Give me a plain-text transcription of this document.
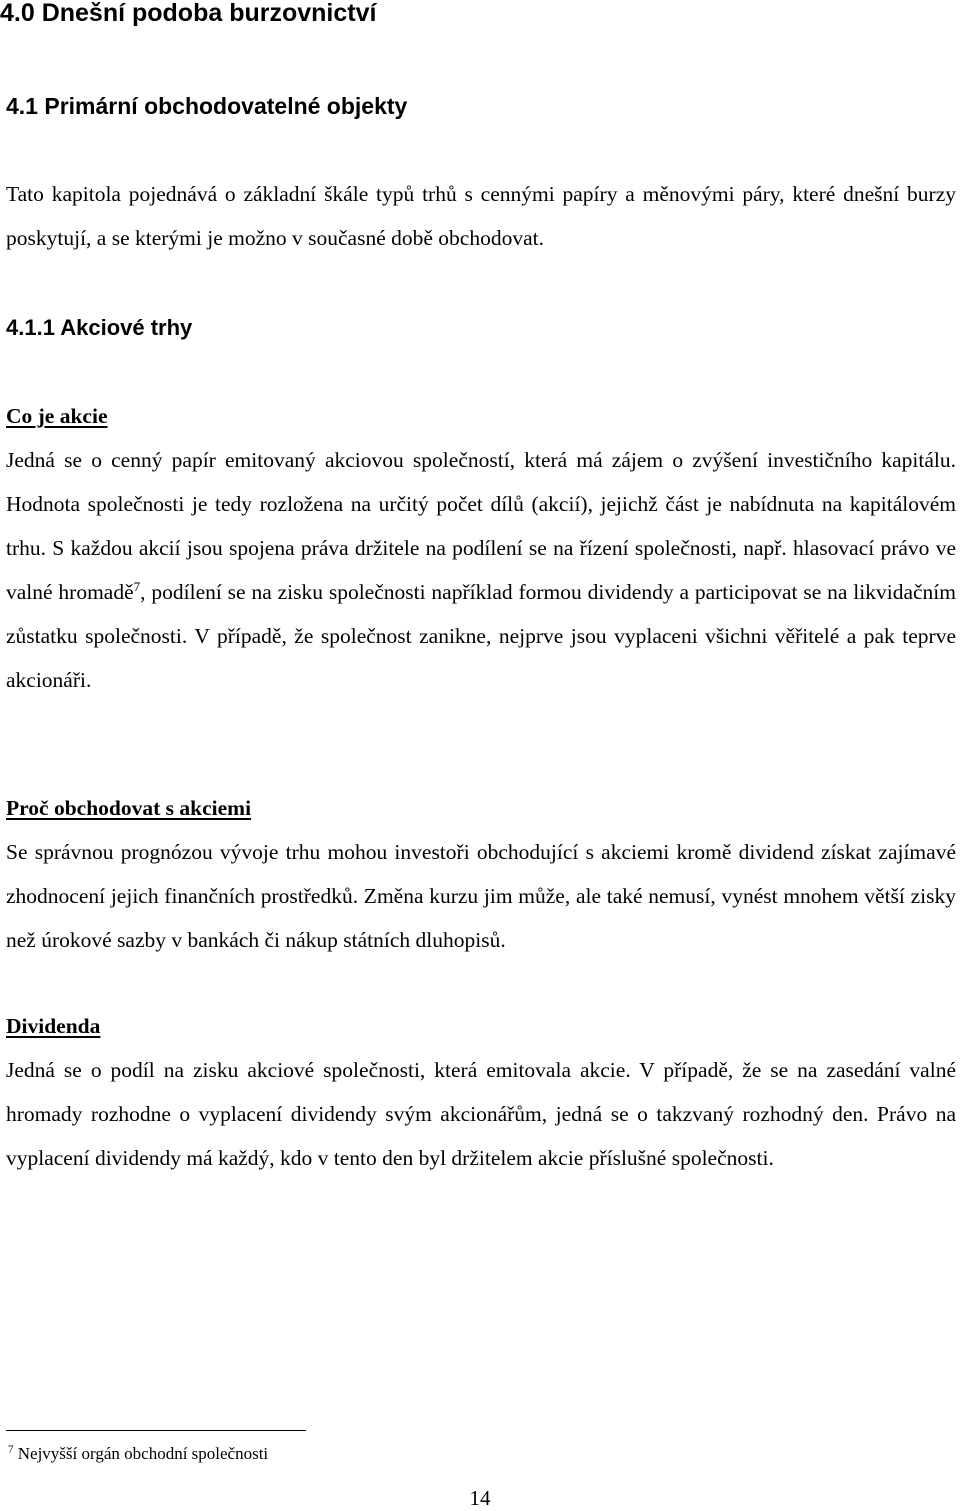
4.0 Dnešní podoba burzovnictví
4.1 Primární obchodovatelné objekty

Tato kapitola pojednává o základní škále typů trhů s cennými papíry a měnovými páry, které dnešní burzy poskytují, a se kterými je možno v současné době obchodovat.

4.1.1 Akciové trhy
Co je akcie

Jedná se o cenný papír emitovaný akciovou společností, která má zájem o zvýšení investičního kapitálu. Hodnota společnosti je tedy rozložena na určitý počet dílů (akcií), jejichž část je nabídnuta na kapitálovém trhu. S každou akcií jsou spojena práva držitele na podílení se na řízení společnosti, např. hlasovací právo ve valné hromadě$^7$, podílení se na zisku společnosti například formou dividendy a participovat se na likvidačním zůstatku společnosti. V případě, že společnost zanikne, nejprve jsou vyplaceni všichni věřitelé a pak teprve akcionáři.

Proč obchodovat s akciemi

Se správnou prognózou vývoje trhu mohou investoři obchodující s akciemi kromě dividend získat zajímavé zhodnocení jejich finančních prostředků. Změna kurzu jim může, ale také nemusí, vynést mnohem větší zisky než úrokové sazby v bankách či nákup státních dluhopisů.

Dividenda

Jedná se o podíl na zisku akciové společnosti, která emitovala akcie. V případě, že se na zasedání valné hromady rozhodne o vyplacení dividendy svým akcionářům, jedná se o takzvaný rozhodný den. Právo na vyplacení dividendy má každý, kdo v tento den byl držitelem akcie příslušné společnosti.

$^7$ Nejvyšší orgán obchodní společnosti
14
